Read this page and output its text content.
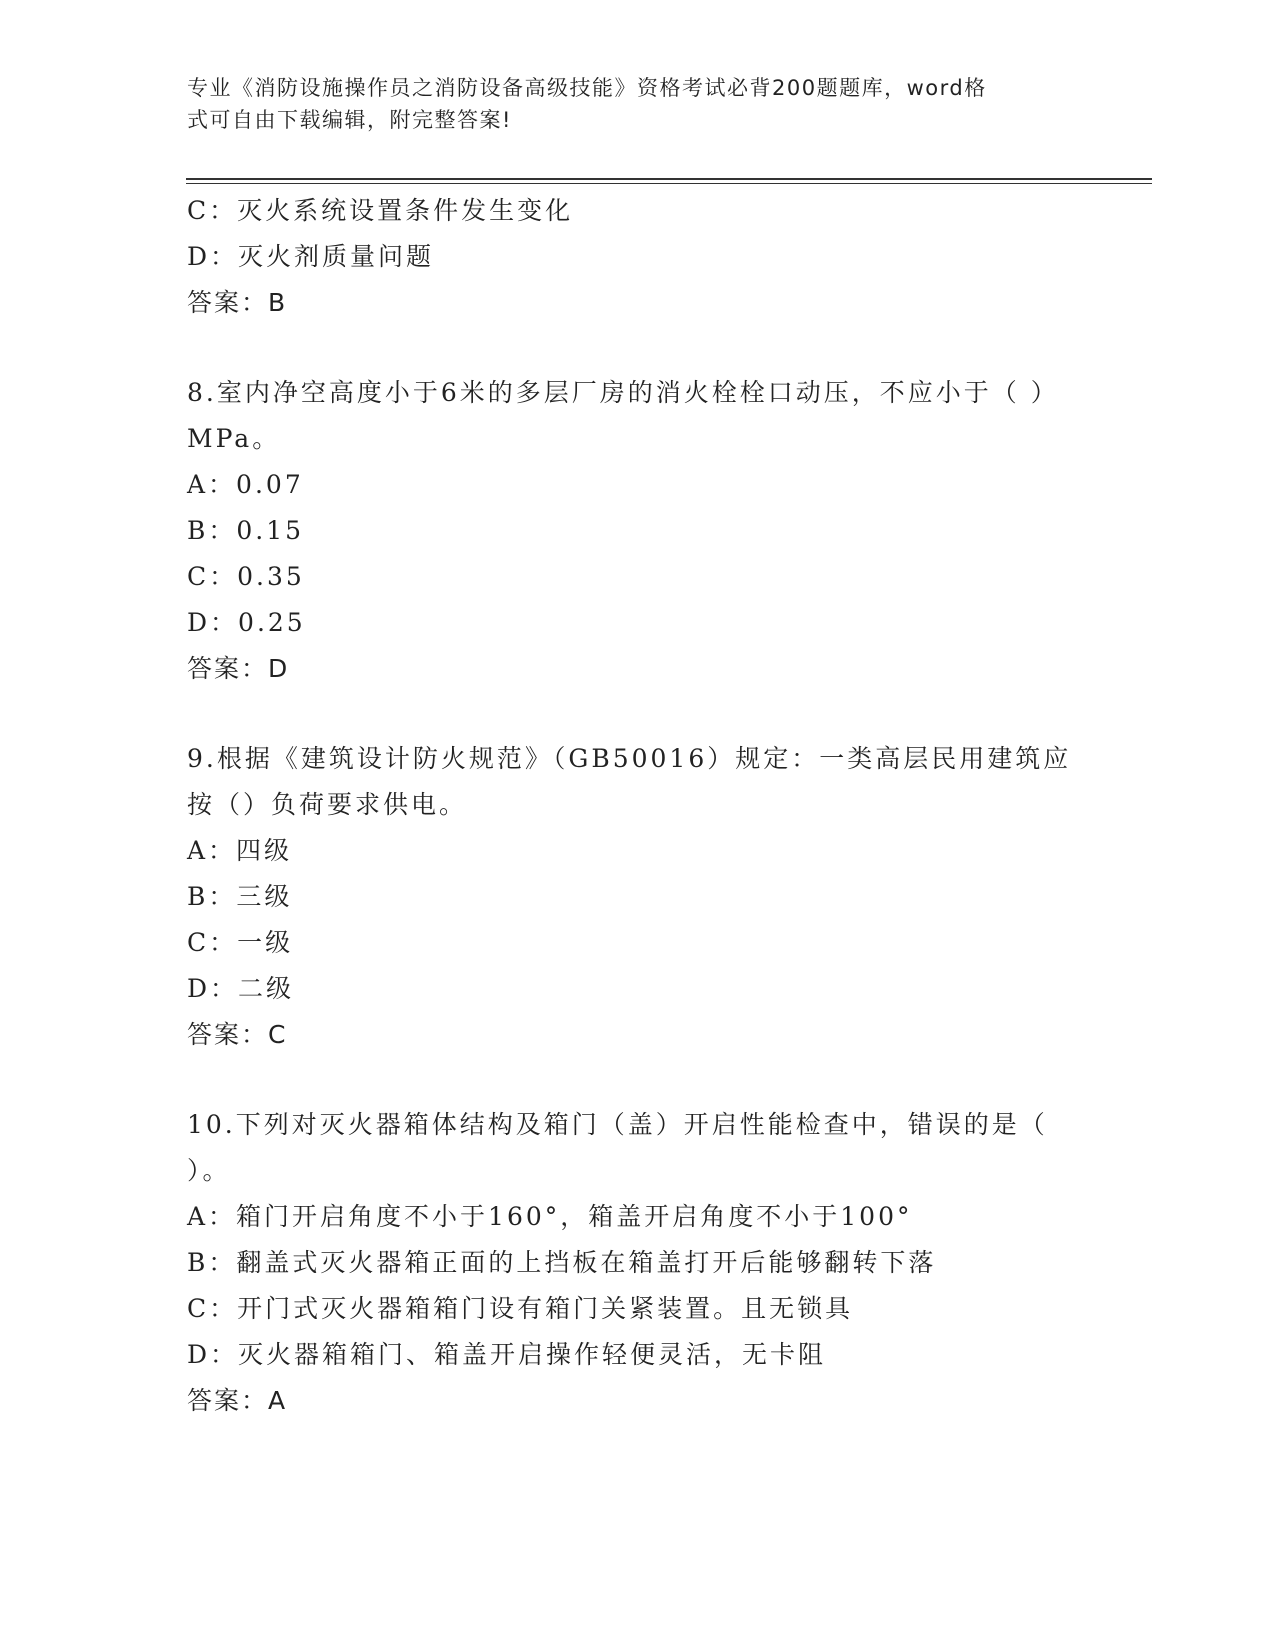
专业《消防设施操作员之消防设备高级技能》资格考试必背200题题库，word格
式可自由下载编辑，附完整答案!
C：灭火系统设置条件发生变化
D：灭火剂质量问题
答案：B
8.室内净空高度小于6米的多层厂房的消火栓栓口动压，不应小于（ ）MPa。
A：0.07
B：0.15
C：0.35
D：0.25
答案：D
9.根据《建筑设计防火规范》（GB50016）规定：一类高层民用建筑应按（）负荷要求供电。
A：四级
B：三级
C：一级
D：二级
答案：C
10.下列对灭火器箱体结构及箱门（盖）开启性能检查中，错误的是（ ）。
A：箱门开启角度不小于160°，箱盖开启角度不小于100°
B：翻盖式灭火器箱正面的上挡板在箱盖打开后能够翻转下落
C：开门式灭火器箱箱门设有箱门关紧装置。且无锁具
D：灭火器箱箱门、箱盖开启操作轻便灵活，无卡阻
答案：A
